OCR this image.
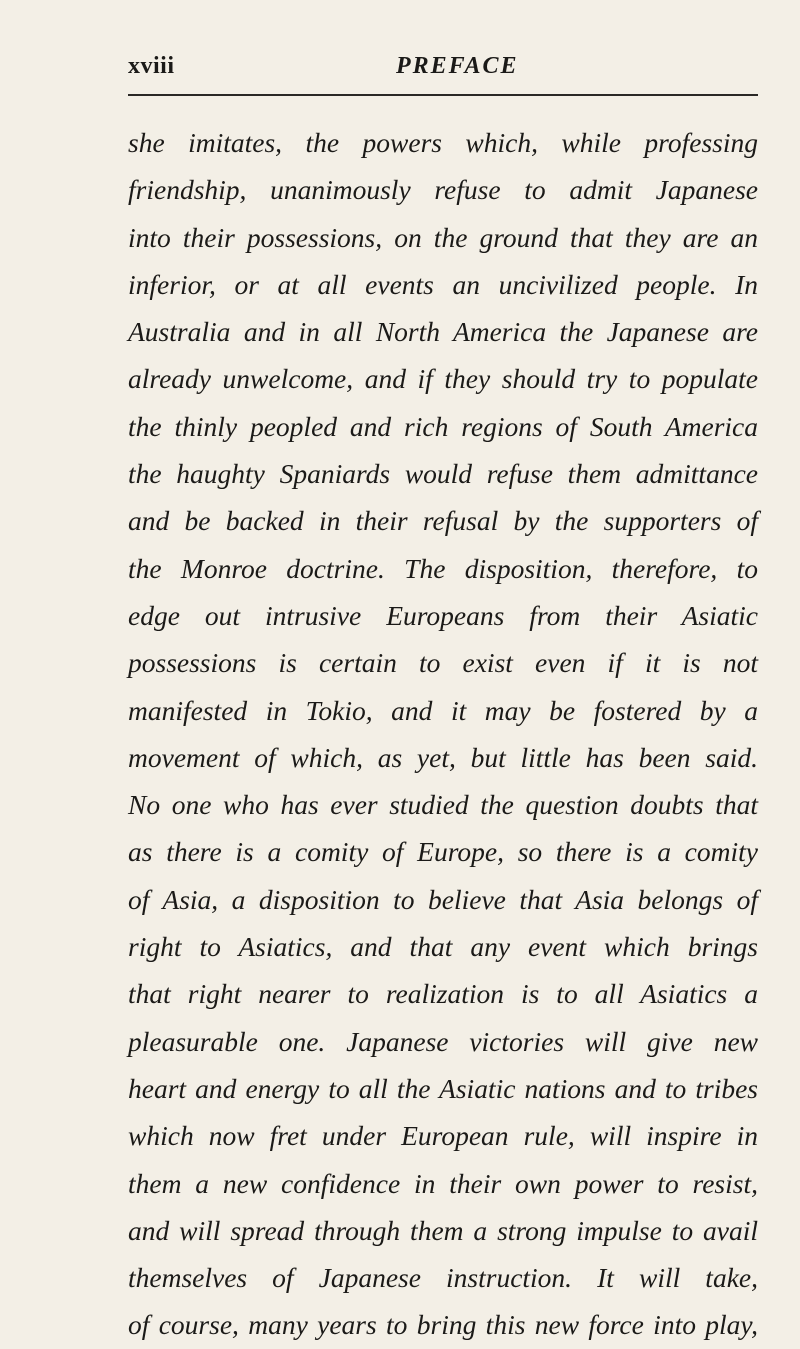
xviii	PREFACE
she imitates, the powers which, while professing
friendship, unanimously refuse to admit Japanese
into their possessions, on the ground that they are an
inferior, or at all events an uncivilized people. In
Australia and in all North America the Japanese are
already unwelcome, and if they should try to populate
the thinly peopled and rich regions of South America
the haughty Spaniards would refuse them admittance
and be backed in their refusal by the supporters of
the Monroe doctrine. The disposition, therefore, to
edge out intrusive Europeans from their Asiatic
possessions is certain to exist even if it is not
manifested in Tokio, and it may be fostered by a
movement of which, as yet, but little has been said.
No one who has ever studied the question doubts that
as there is a comity of Europe, so there is a comity
of Asia, a disposition to believe that Asia belongs of
right to Asiatics, and that any event which brings
that right nearer to realization is to all Asiatics a
pleasurable one. Japanese victories will give new
heart and energy to all the Asiatic nations and to tribes
which now fret under European rule, will inspire in
them a new confidence in their own power to resist,
and will spread through them a strong impulse to avail
themselves of Japanese instruction. It will take,
of course, many years to bring this new force into play,
